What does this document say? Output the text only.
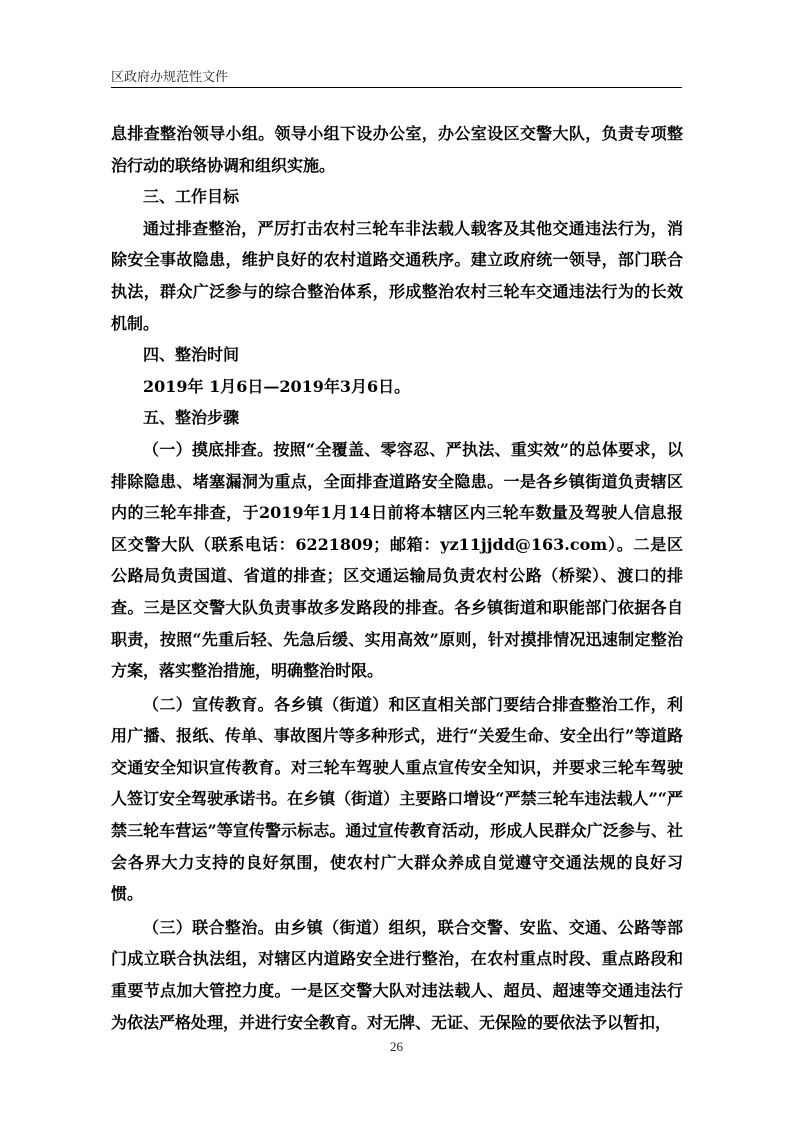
区政府办规范性文件

息排查整治领导小组。领导小组下设办公室，办公室设区交警大队，负责专项整治行动的联络协调和组织实施。

三、工作目标

通过排查整治，严厉打击农村三轮车非法载人载客及其他交通违法行为，消除安全事故隐患，维护良好的农村道路交通秩序。建立政府统一领导，部门联合执法，群众广泛参与的综合整治体系，形成整治农村三轮车交通违法行为的长效机制。

四、整治时间

2019年 1月6日—2019年3月6日。

五、整治步骤

（一）摸底排查。按照“全覆盖、零容忍、严执法、重实效”的总体要求，以排除隐患、堵塞漏洞为重点，全面排查道路安全隐患。一是各乡镇街道负责辖区内的三轮车排查，于2019年1月14日前将本辖区内三轮车数量及驾驶人信息报区交警大队（联系电话：6221809；邮箱：yz11jjdd@163.com）。二是区公路局负责国道、省道的排查；区交通运输局负责农村公路（桥梁）、渡口的排查。三是区交警大队负责事故多发路段的排查。各乡镇街道和职能部门依据各自职责，按照“先重后轻、先急后缓、实用高效”原则，针对摸排情况迅速制定整治方案，落实整治措施，明确整治时限。

（二）宣传教育。各乡镇（街道）和区直相关部门要结合排查整治工作，利用广播、报纸、传单、事故图片等多种形式，进行“关爱生命、安全出行”等道路交通安全知识宣传教育。对三轮车驾驶人重点宣传安全知识，并要求三轮车驾驶人签订安全驾驶承诺书。在乡镇（街道）主要路口增设“严禁三轮车违法载人”“严禁三轮车营运”等宣传警示标志。通过宣传教育活动，形成人民群众广泛参与、社会各界大力支持的良好氛围，使农村广大群众养成自觉遵守交通法规的良好习惯。

（三）联合整治。由乡镇（街道）组织，联合交警、安监、交通、公路等部门成立联合执法组，对辖区内道路安全进行整治，在农村重点时段、重点路段和重要节点加大管控力度。一是区交警大队对违法载人、超员、超速等交通违法行为依法严格处理，并进行安全教育。对无牌、无证、无保险的要依法予以暂扣，

26
